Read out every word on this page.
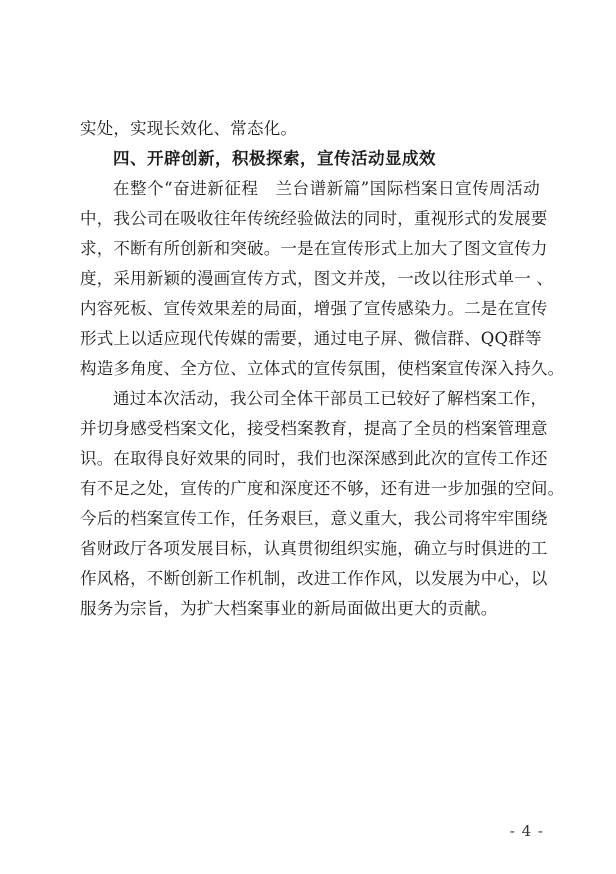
实处，实现长效化、常态化。
四、开辟创新，积极探索，宣传活动显成效
在整个“奋进新征程　兰台谱新篇”国际档案日宣传周活动
中，我公司在吸收往年传统经验做法的同时，重视形式的发展要
求，不断有所创新和突破。一是在宣传形式上加大了图文宣传力
度，采用新颖的漫画宣传方式，图文并茂，一改以往形式单一 、
内容死板、宣传效果差的局面，增强了宣传感染力。二是在宣传
形式上以适应现代传媒的需要，通过电子屏、微信群、QQ群等
构造多角度、全方位、立体式的宣传氛围，使档案宣传深入持久。
通过本次活动，我公司全体干部员工已较好了解档案工作，
并切身感受档案文化，接受档案教育，提高了全员的档案管理意
识。在取得良好效果的同时，我们也深深感到此次的宣传工作还
有不足之处，宣传的广度和深度还不够，还有进一步加强的空间。
今后的档案宣传工作，任务艰巨，意义重大，我公司将牢牢围绕
省财政厅各项发展目标，认真贯彻组织实施，确立与时俱进的工
作风格，不断创新工作机制，改进工作作风，以发展为中心，以
服务为宗旨，为扩大档案事业的新局面做出更大的贡献。
- 4 -
